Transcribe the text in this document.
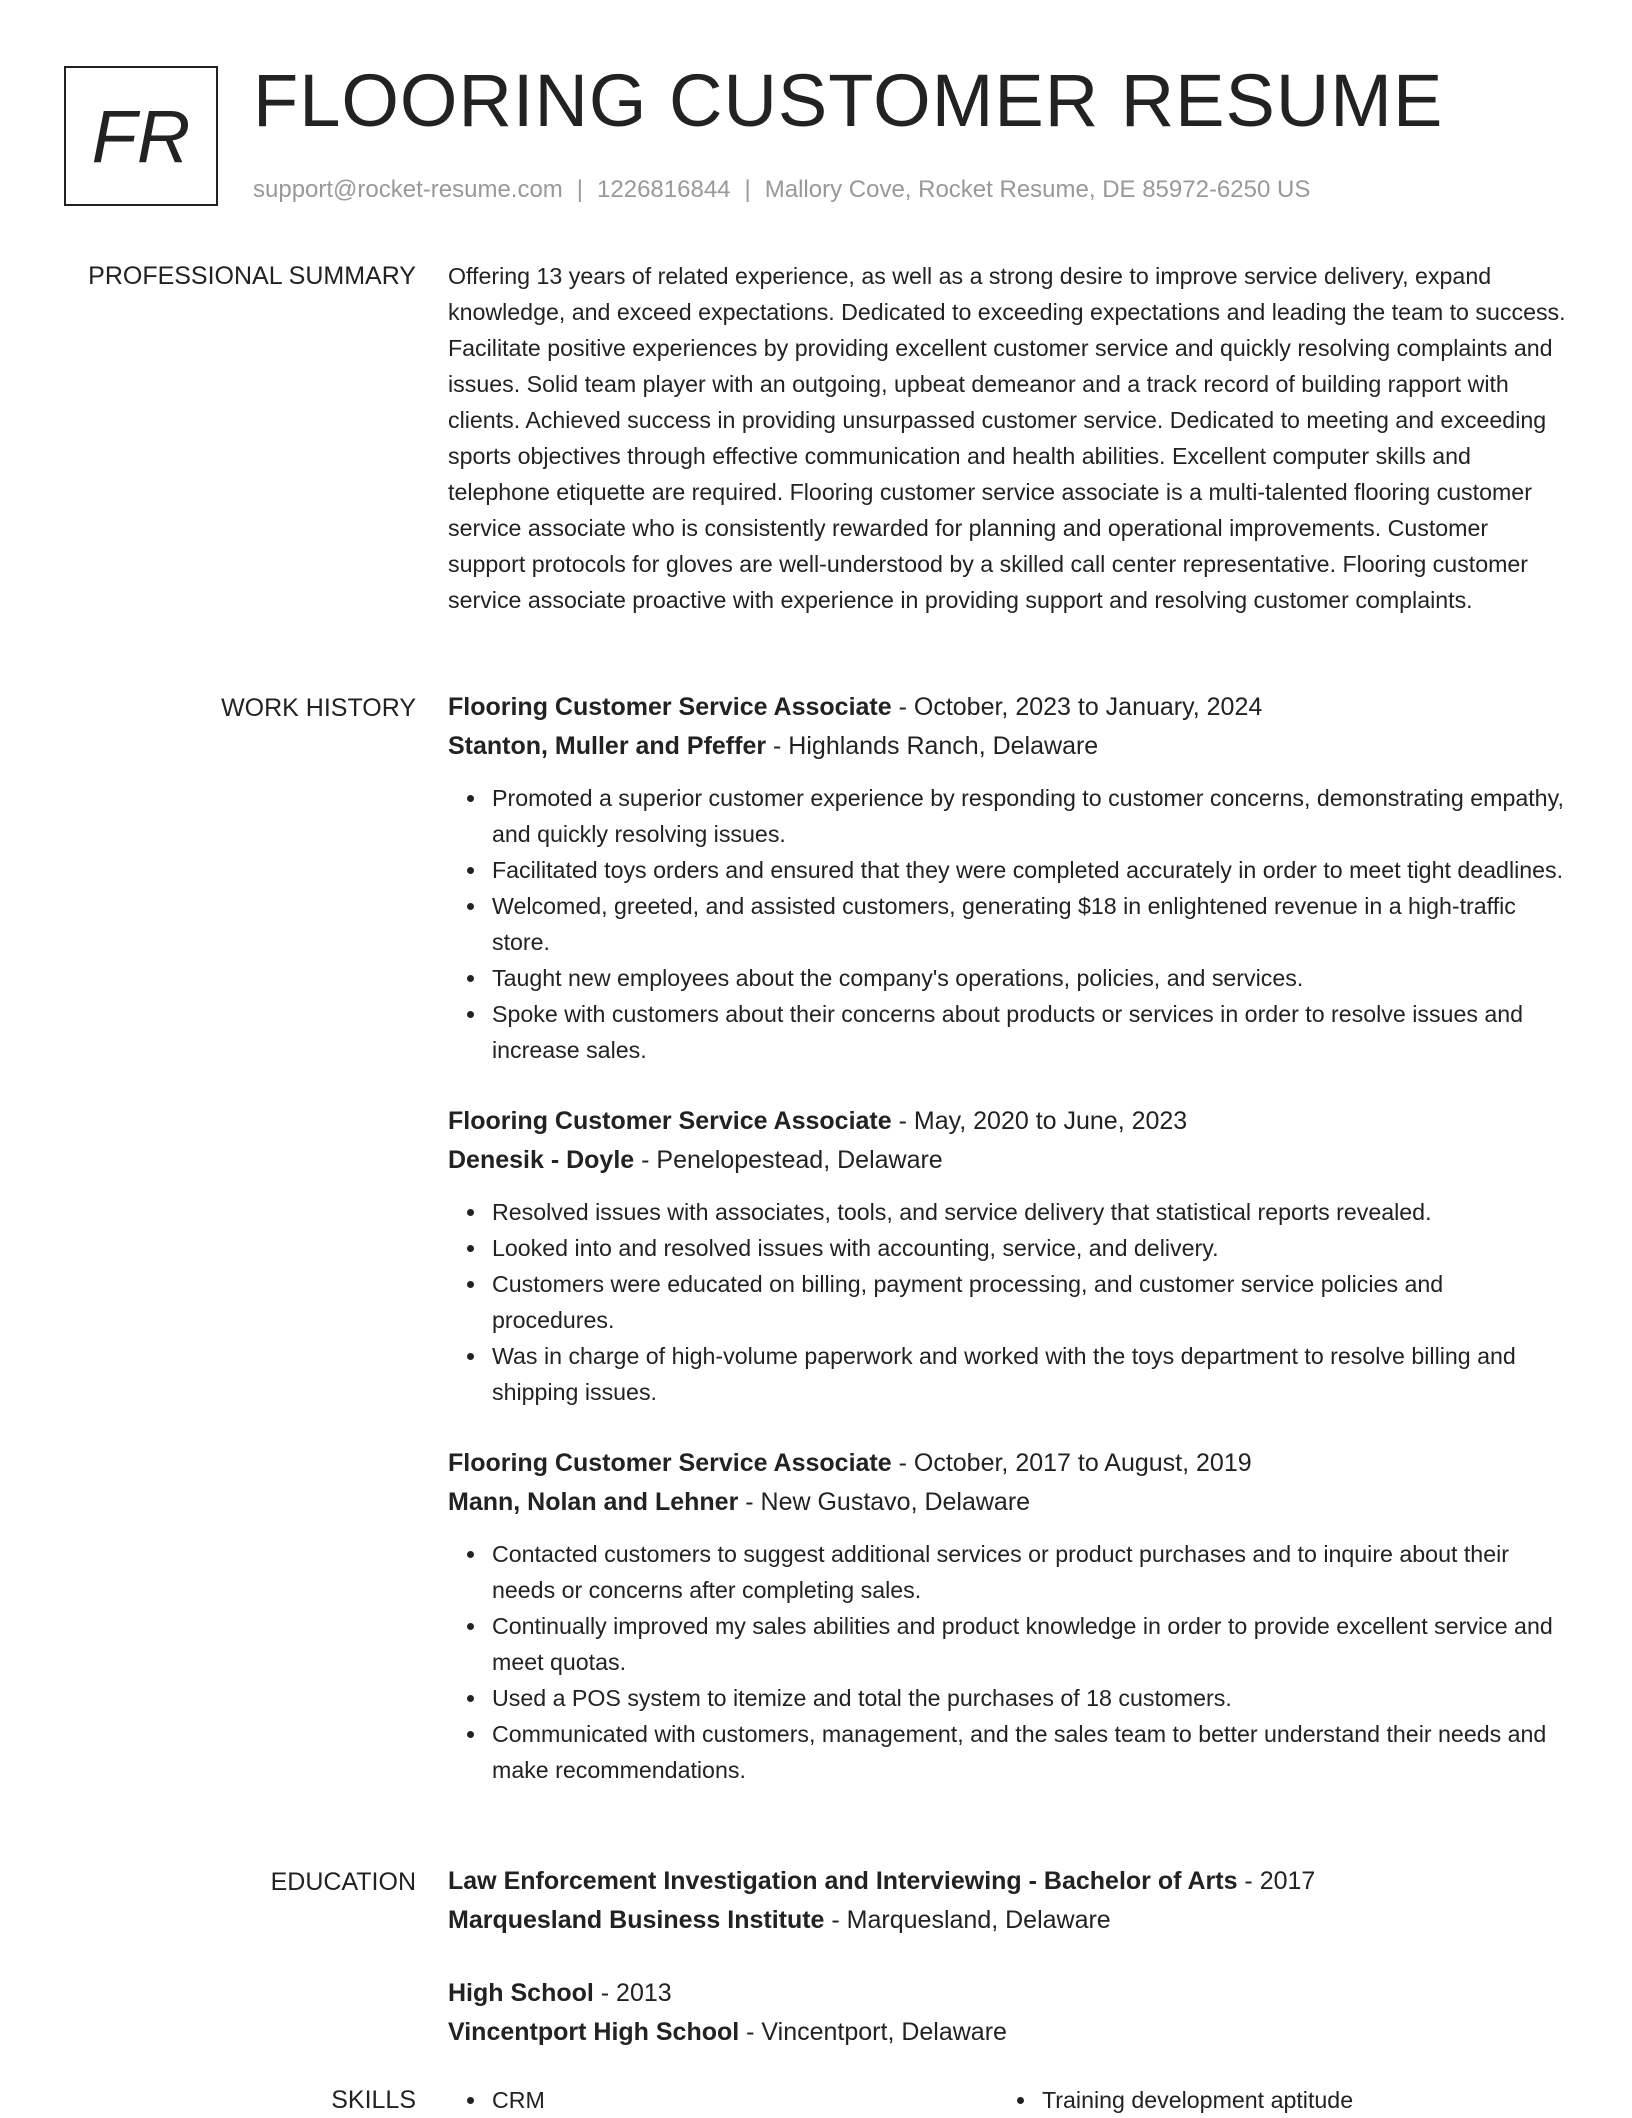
FR FLOORING CUSTOMER RESUME
support@rocket-resume.com | 1226816844 | Mallory Cove, Rocket Resume, DE 85972-6250 US
PROFESSIONAL SUMMARY Offering 13 years of related experience, as well as a strong desire to improve service delivery, expand knowledge, and exceed expectations. Dedicated to exceeding expectations and leading the team to success. Facilitate positive experiences by providing excellent customer service and quickly resolving complaints and issues. Solid team player with an outgoing, upbeat demeanor and a track record of building rapport with clients. Achieved success in providing unsurpassed customer service. Dedicated to meeting and exceeding sports objectives through effective communication and health abilities. Excellent computer skills and telephone etiquette are required. Flooring customer service associate is a multi-talented flooring customer service associate who is consistently rewarded for planning and operational improvements. Customer support protocols for gloves are well-understood by a skilled call center representative. Flooring customer service associate proactive with experience in providing support and resolving customer complaints.

WORK HISTORY Flooring Customer Service Associate - October, 2023 to January, 2024
Stanton, Muller and Pfeffer - Highlands Ranch, Delaware
Promoted a superior customer experience by responding to customer concerns, demonstrating empathy, and quickly resolving issues.
Facilitated toys orders and ensured that they were completed accurately in order to meet tight deadlines.
Welcomed, greeted, and assisted customers, generating $18 in enlightened revenue in a high-traffic store.
Taught new employees about the company's operations, policies, and services.
Spoke with customers about their concerns about products or services in order to resolve issues and increase sales.
Flooring Customer Service Associate - May, 2020 to June, 2023
Denesik - Doyle - Penelopestead, Delaware
Resolved issues with associates, tools, and service delivery that statistical reports revealed.
Looked into and resolved issues with accounting, service, and delivery.
Customers were educated on billing, payment processing, and customer service policies and procedures.
Was in charge of high-volume paperwork and worked with the toys department to resolve billing and shipping issues.
Flooring Customer Service Associate - October, 2017 to August, 2019
Mann, Nolan and Lehner - New Gustavo, Delaware
Contacted customers to suggest additional services or product purchases and to inquire about their needs or concerns after completing sales.
Continually improved my sales abilities and product knowledge in order to provide excellent service and meet quotas.
Used a POS system to itemize and total the purchases of 18 customers.
Communicated with customers, management, and the sales team to better understand their needs and make recommendations.
EDUCATION Law Enforcement Investigation and Interviewing - Bachelor of Arts - 2017
Marquesland Business Institute - Marquesland, Delaware
High School - 2013
Vincentport High School - Vincentport, Delaware
SKILLS	CRM	Training development aptitude
